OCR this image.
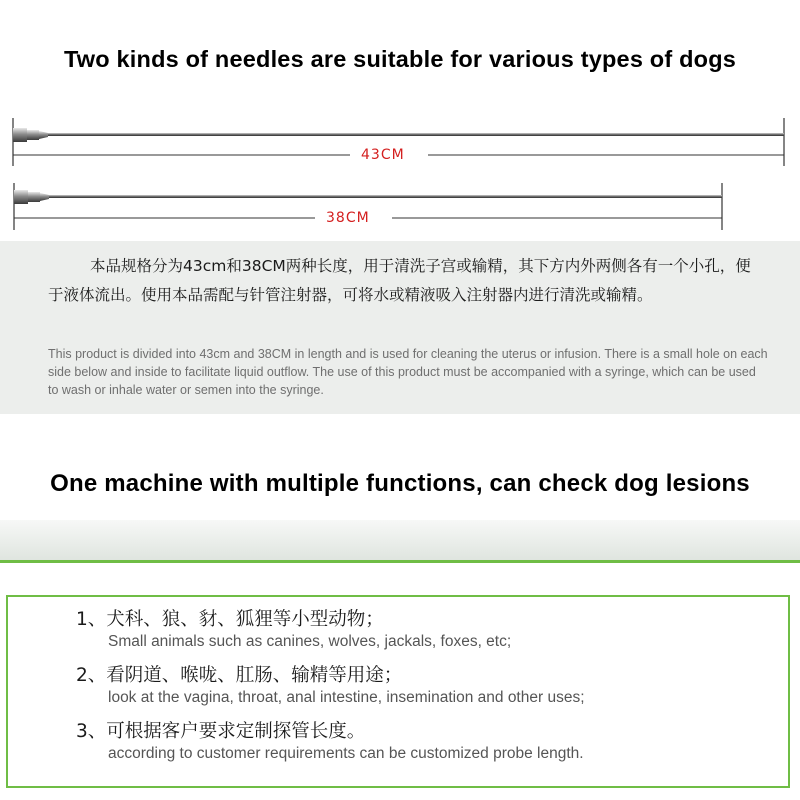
Two kinds of needles are suitable for various types of dogs
43CM
38CM

本品规格分为43cm和38CM两种长度，用于清洗子宫或输精，其下方内外两侧各有一个小孔，便于液体流出。使用本品需配与针管注射器，可将水或精液吸入注射器内进行清洗或输精。

This product is divided into 43cm and 38CM in length and is used for cleaning the uterus or infusion. There is a small hole on each side below and inside to facilitate liquid outflow. The use of this product must be accompanied with a syringe, which can be used to wash or inhale water or semen into the syringe.

One machine with multiple functions, can check dog lesions
1、犬科、狼、豺、狐狸等小型动物；
Small animals such as canines, wolves, jackals, foxes, etc;
2、看阴道、喉咙、肛肠、输精等用途；
look at the vagina, throat, anal intestine, insemination and other uses;
3、可根据客户要求定制探管长度。
according to customer requirements can be customized probe length.
